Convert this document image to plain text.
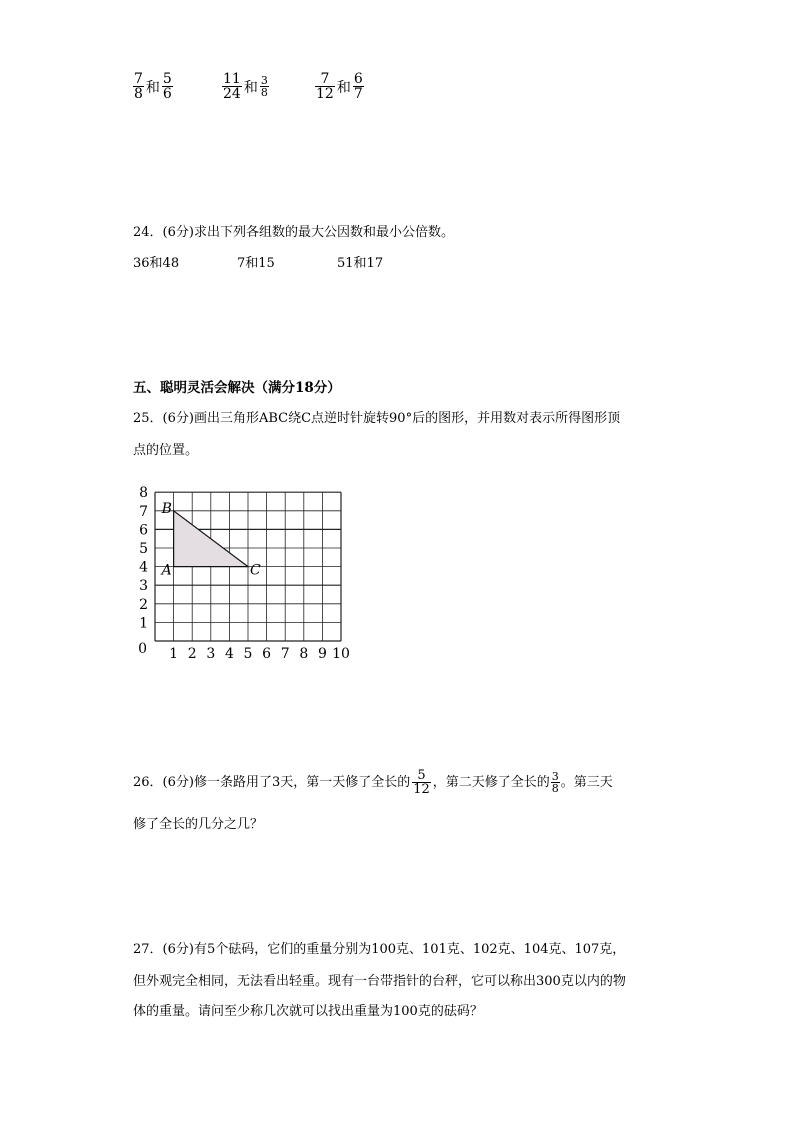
$\frac{7}{8}$ 和 $\frac{5}{6}$	$\frac{11}{24}$ 和 $\frac{3}{8}$	$\frac{7}{12}$ 和 $\frac{6}{7}$
24．(6分)求出下列各组数的最大公因数和最小公倍数。
36和48	7和15	51和17
五、聪明灵活会解决（满分18分）
25．(6分)画出三角形ABC绕C点逆时针旋转90°后的图形，并用数对表示所得图形顶
点的位置。
A
B
C
1 2 3 4 5 6 7 8 9 10
1
2
3
4
5
6
7
8
0
26．(6分)修一条路用了3天，第一天修了全长的 $\frac{5}{12}$ ，第二天修了全长的 $\frac{3}{8}$ 。第三天
修了全长的几分之几？
27．(6分)有5个砝码，它们的重量分别为100克、101克、102克、104克、107克，
但外观完全相同，无法看出轻重。现有一台带指针的台秤，它可以称出300克以内的物
体的重量。请问至少称几次就可以找出重量为100克的砝码？
